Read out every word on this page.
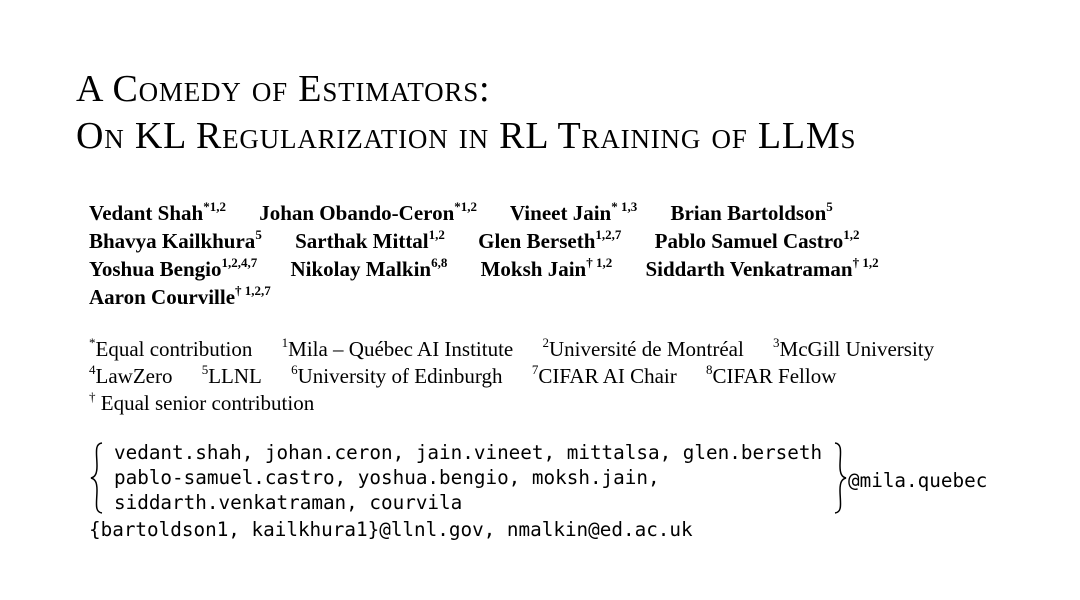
A Comedy of Estimators:
On KL Regularization in RL Training of LLMs
Vedant Shah$^{*1,2}$ Johan Obando-Ceron$^{*1,2}$ Vineet Jain$^{* 1,3}$ Brian Bartoldson$^5$
Bhavya Kailkhura$^5$ Sarthak Mittal$^{1,2}$ Glen Berseth$^{1,2,7}$ Pablo Samuel Castro$^{1,2}$
Yoshua Bengio$^{1,2,4,7}$ Nikolay Malkin$^{6,8}$ Moksh Jain$^{\dagger 1,2}$ Siddarth Venkatraman$^{\dagger 1,2}$
Aaron Courville$^{\dagger 1,2,7}$
*Equal contribution $^1$Mila – Québec AI Institute $^2$Université de Montréal $^3$McGill University
$^4$LawZero $^5$LLNL $^6$University of Edinburgh $^7$CIFAR AI Chair $^8$CIFAR Fellow
† Equal senior contribution
vedant.shah, johan.ceron, jain.vineet, mittalsa, glen.berseth
pablo-samuel.castro, yoshua.bengio, moksh.jain,
siddarth.venkatraman, courvila
@mila.quebec
{bartoldson1, kailkhura1}@llnl.gov, nmalkin@ed.ac.uk
